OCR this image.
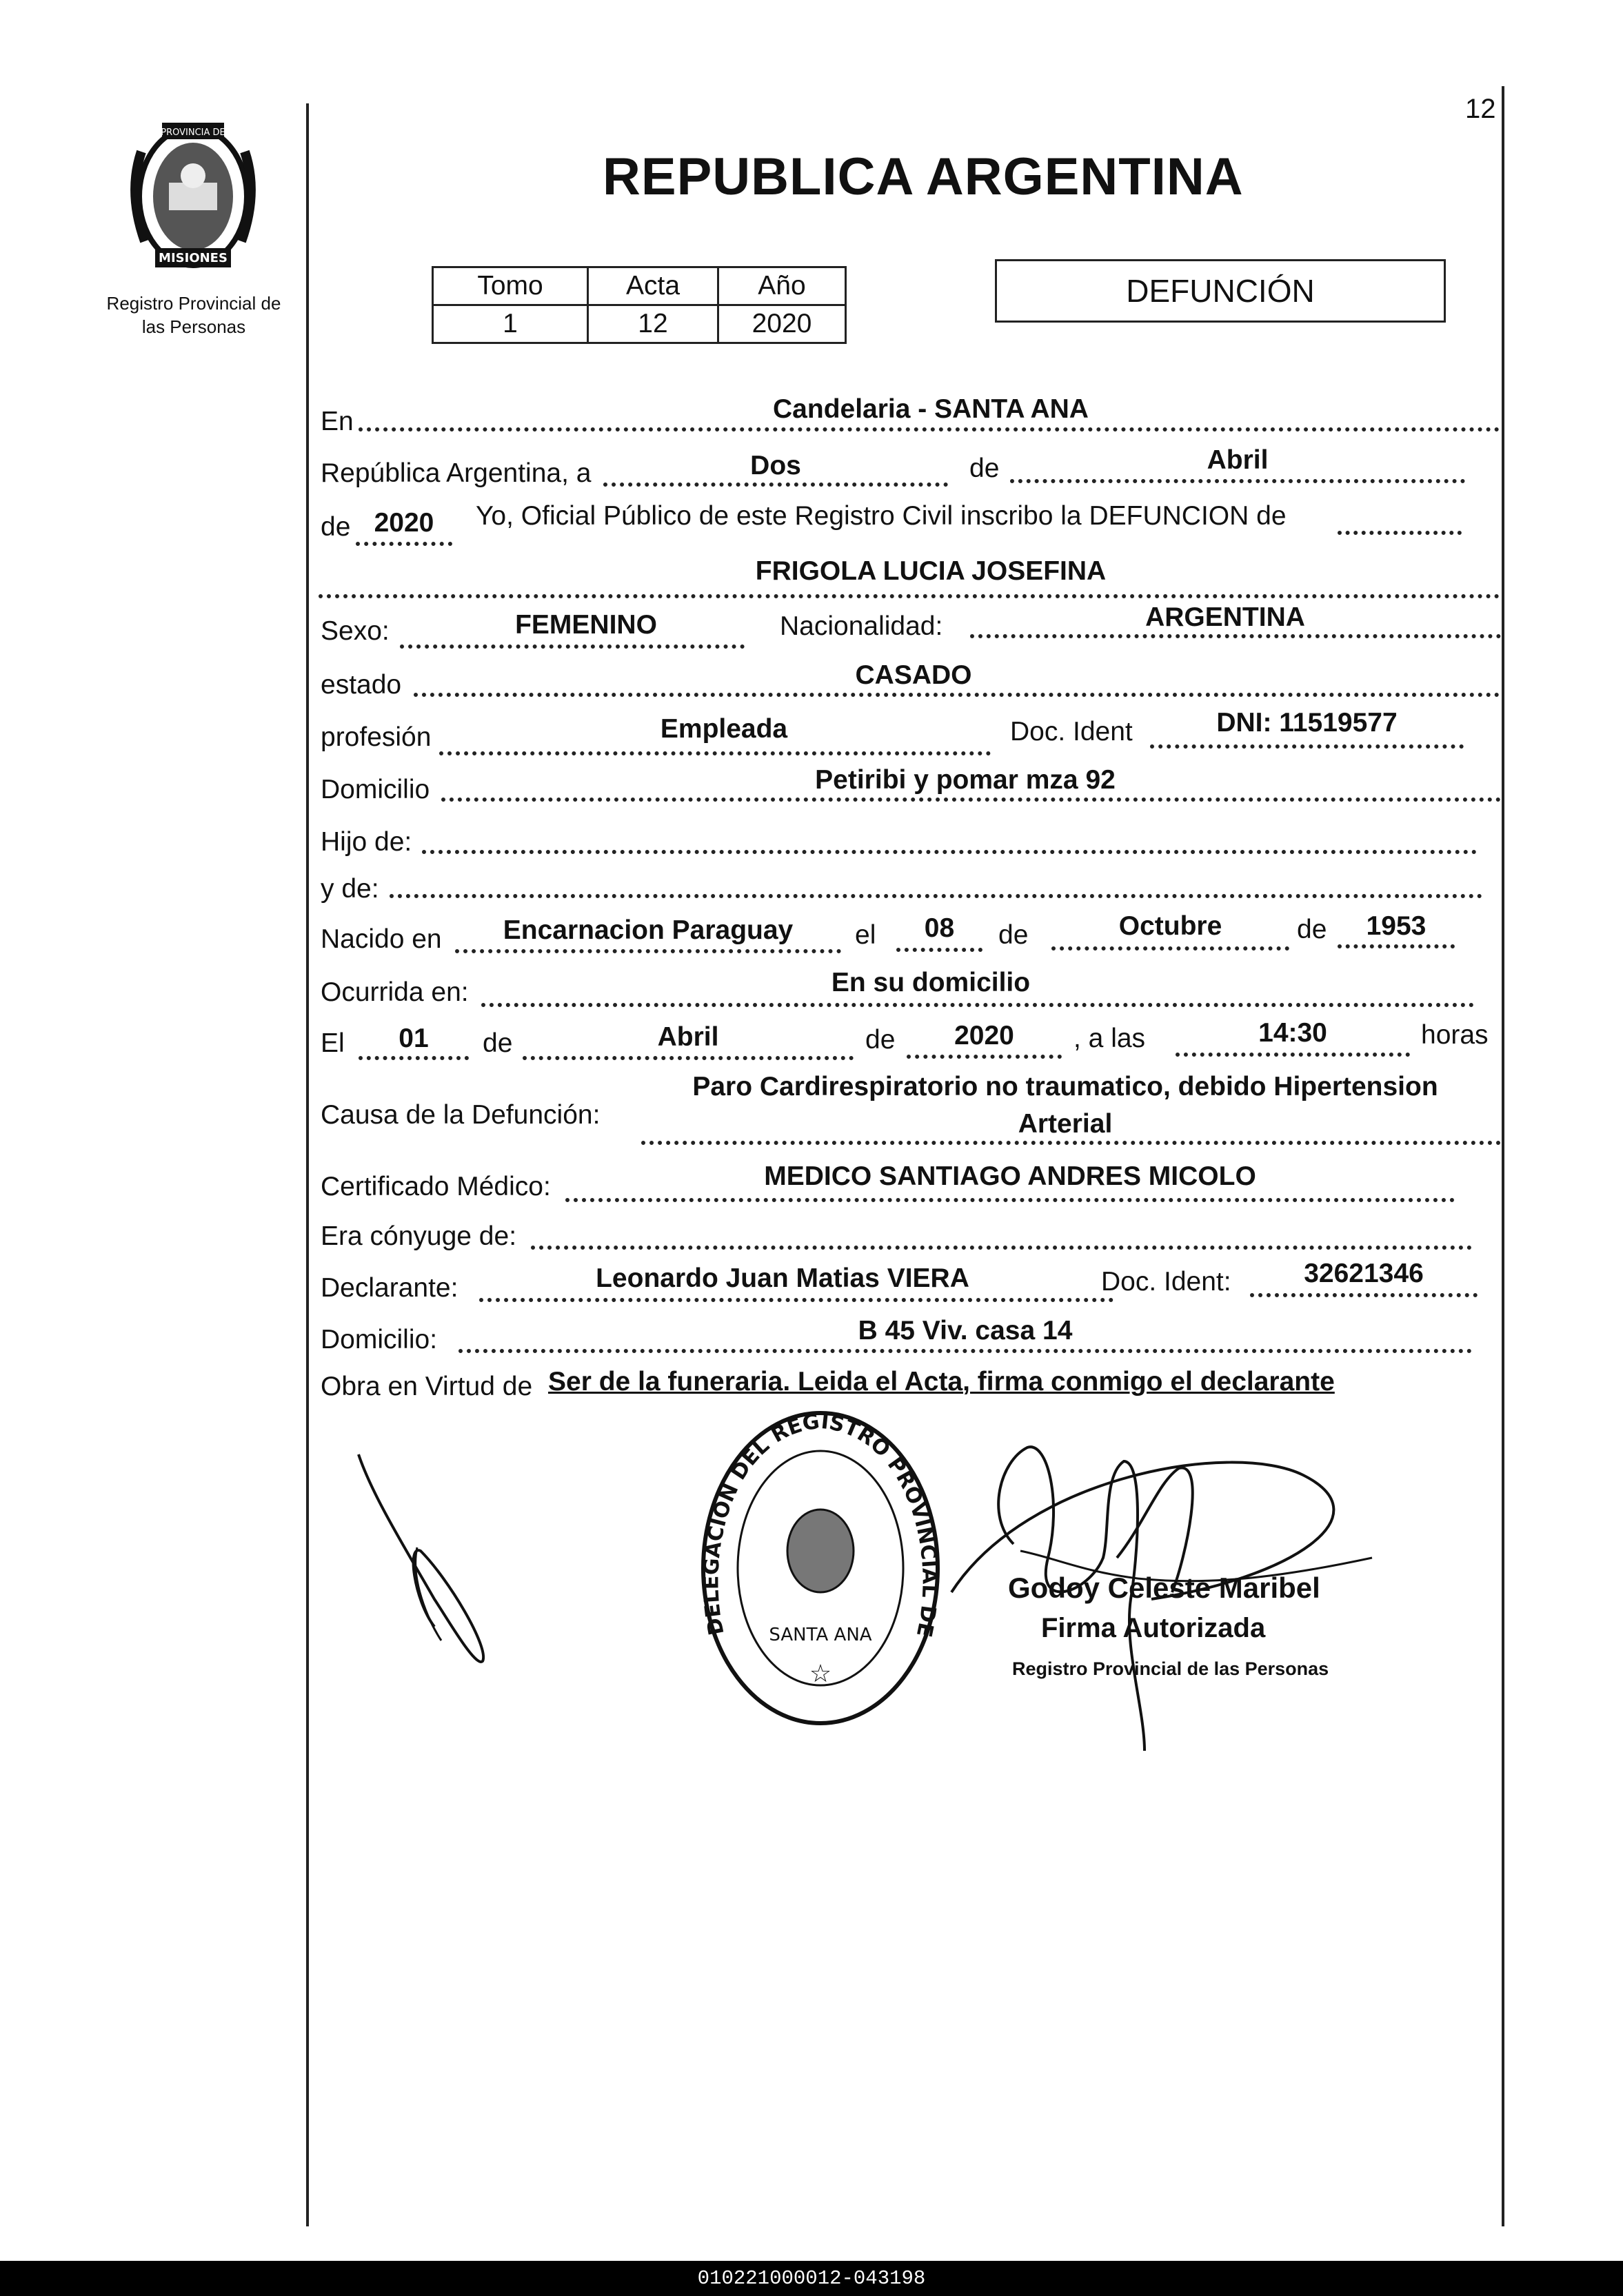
12
MISIONES
PROVINCIA DE
Registro Provincial de
las Personas
REPUBLICA ARGENTINA
Tomo	Acta	Año
1	12	2020
DEFUNCIÓN
En	Candelaria - SANTA ANA
República Argentina, a	Dos	de	Abril
de 2020	Yo, Oficial Público de este Registro Civil inscribo la DEFUNCION de
FRIGOLA LUCIA JOSEFINA
Sexo:	FEMENINO	Nacionalidad:	ARGENTINA
estado	CASADO
profesión	Empleada	Doc. Ident	DNI: 11519577
Domicilio	Petiribi y pomar mza 92
Hijo de:
y de:
Nacido en	Encarnacion Paraguay	el	08	de	Octubre	de	1953
Ocurrida en:	En su domicilio
El	01	de	Abril	de	2020	, a las	14:30	horas
Causa de la Defunción:
Paro Cardirespiratorio no traumatico, debido Hipertension
Arterial
Certificado Médico:	MEDICO SANTIAGO ANDRES MICOLO
Era cónyuge de:
Declarante:	Leonardo Juan Matias VIERA	Doc. Ident:	32621346
Domicilio:	B 45 Viv. casa 14
Obra en Virtud de Ser de la funeraria. Leida el Acta, firma conmigo el declarante
DELEGACION DEL REGISTRO PROVINCIAL DE
SANTA ANA
☆
Godoy Celeste Maribel
Firma Autorizada
Registro Provincial de las Personas
010221000012-043198
